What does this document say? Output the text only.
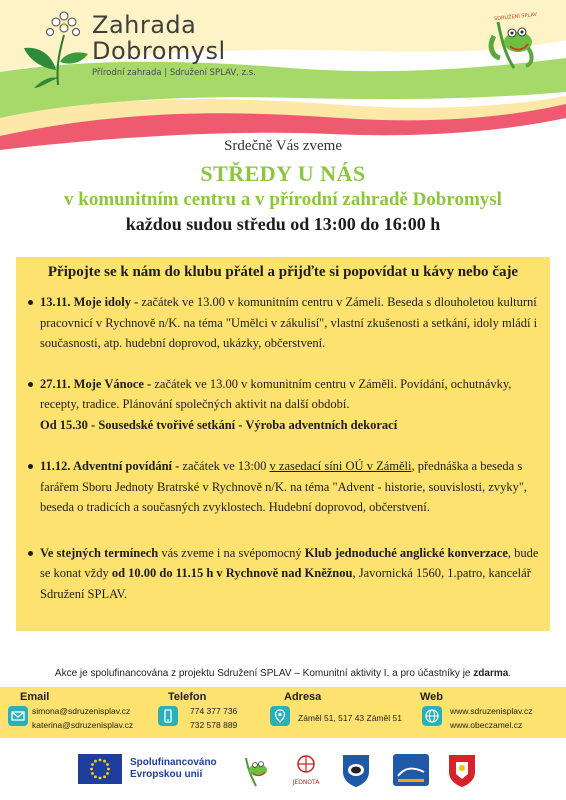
Zahrada
Dobromysl
Přírodní zahrada | Sdružení SPLAV, z.s.
SDRUŽENÍ SPLAV
Srdečně Vás zveme
STŘEDY U NÁS
v komunitním centru a v přírodní zahradě Dobromysl
každou sudou středu od 13:00 do 16:00 h
Připojte se k nám do klubu přátel a přijďte si popovídat u kávy nebo čaje
13.11. Moje idoly - začátek ve 13.00 v komunitním centru v Zámeli. Beseda s dlouholetou kulturní pracovnicí v Rychnově n/K. na téma "Umělci v zákulisí", vlastní zkušenosti a setkání, idoly mládí i současnosti, atp. hudební doprovod, ukázky, občerstvení.
27.11. Moje Vánoce - začátek ve 13.00 v komunitním centru v Záměli. Povídání, ochutnávky, recepty, tradice. Plánování společných aktivit na další období.
Od 15.30 - Sousedské tvořivé setkání - Výroba adventních dekorací
11.12. Adventní povídání - začátek ve 13:00 v zasedací síni OÚ v Záměli, přednáška a beseda s farářem Sboru Jednoty Bratrské v Rychnově n/K. na téma "Advent - historie, souvislosti, zvyky", beseda o tradicích a současných zvyklostech. Hudební doprovod, občerstvení.
Ve stejných termínech vás zveme i na svépomocný Klub jednoduché anglické konverzace, bude se konat vždy od 10.00 do 11.15 h v Rychnově nad Kněžnou, Javornická 1560, 1.patro, kancelář Sdružení SPLAV.
Akce je spolufinancována z projektu Sdružení SPLAV – Komunitní aktivity I. a pro účastníky je zdarma.
Email
simona@sdruzenisplav.cz
katerina@sdruzenisplav.cz
Telefon
774 377 736
732 578 889
Adresa
Záměl 51, 517 43 Záměl 51
Web
www.sdruzenisplav.cz
www.obeczamel.cz
Spolufinancováno
Evropskou unií
JEDNOTA
